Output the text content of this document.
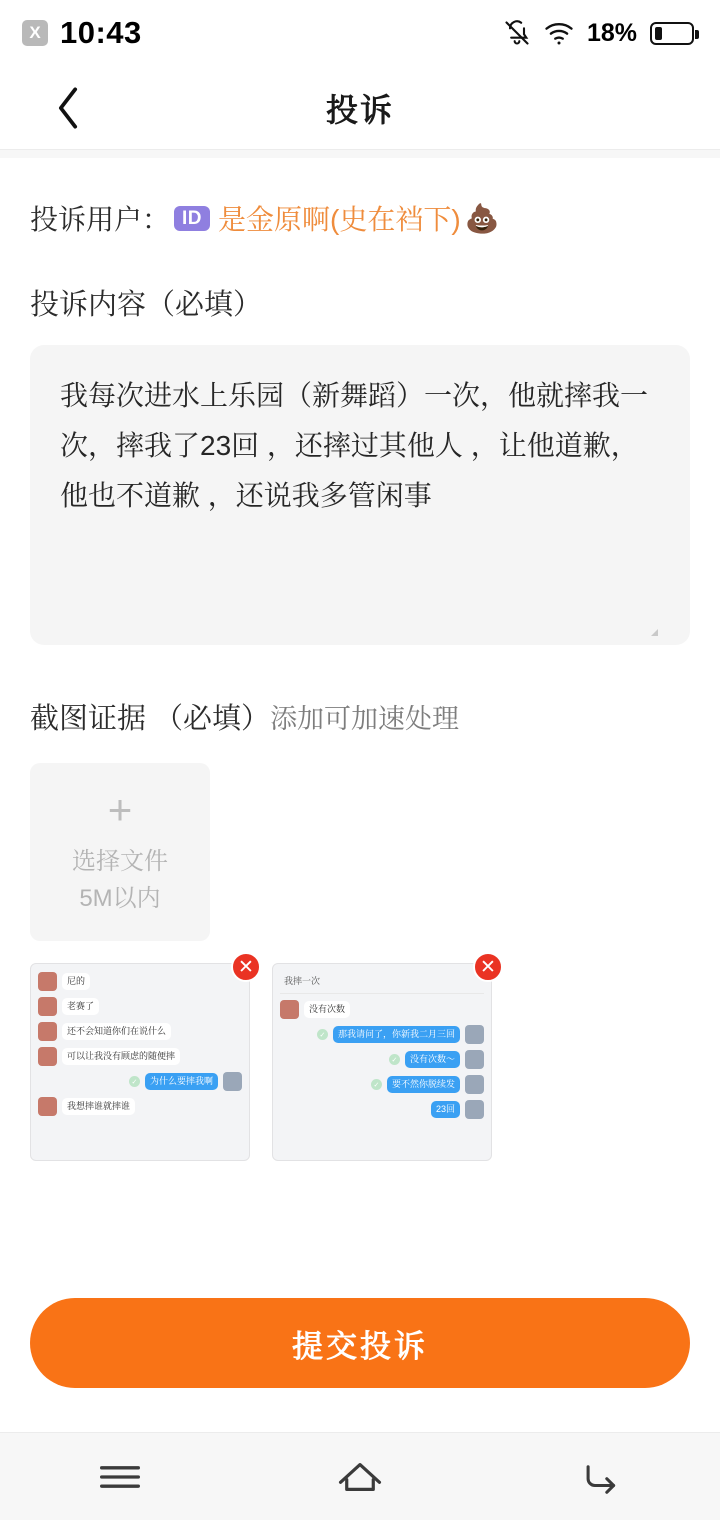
X 10:43	18%
投诉
投诉用户： ID 是金原啊(史在裆下) 💩
投诉内容（必填）
我每次进水上乐园（新舞蹈）一次，他就摔我一次，摔我了23回 ，还摔过其他人 ，让他道歉，他也不道歉 ，还说我多管闲事
截图证据 （必填）添加可加速处理
+
选择文件
5M以内
✕
尼的
老赛了
还不会知道你们在说什么
可以让我没有顾虑的随便摔
✓	为什么要摔我啊
我想摔谁就摔谁
✕
我摔一次
没有次数
✓	那我请问了，你新我二月三回
✓	没有次数～
✓	要不然你脱续发
23回
提交投诉
